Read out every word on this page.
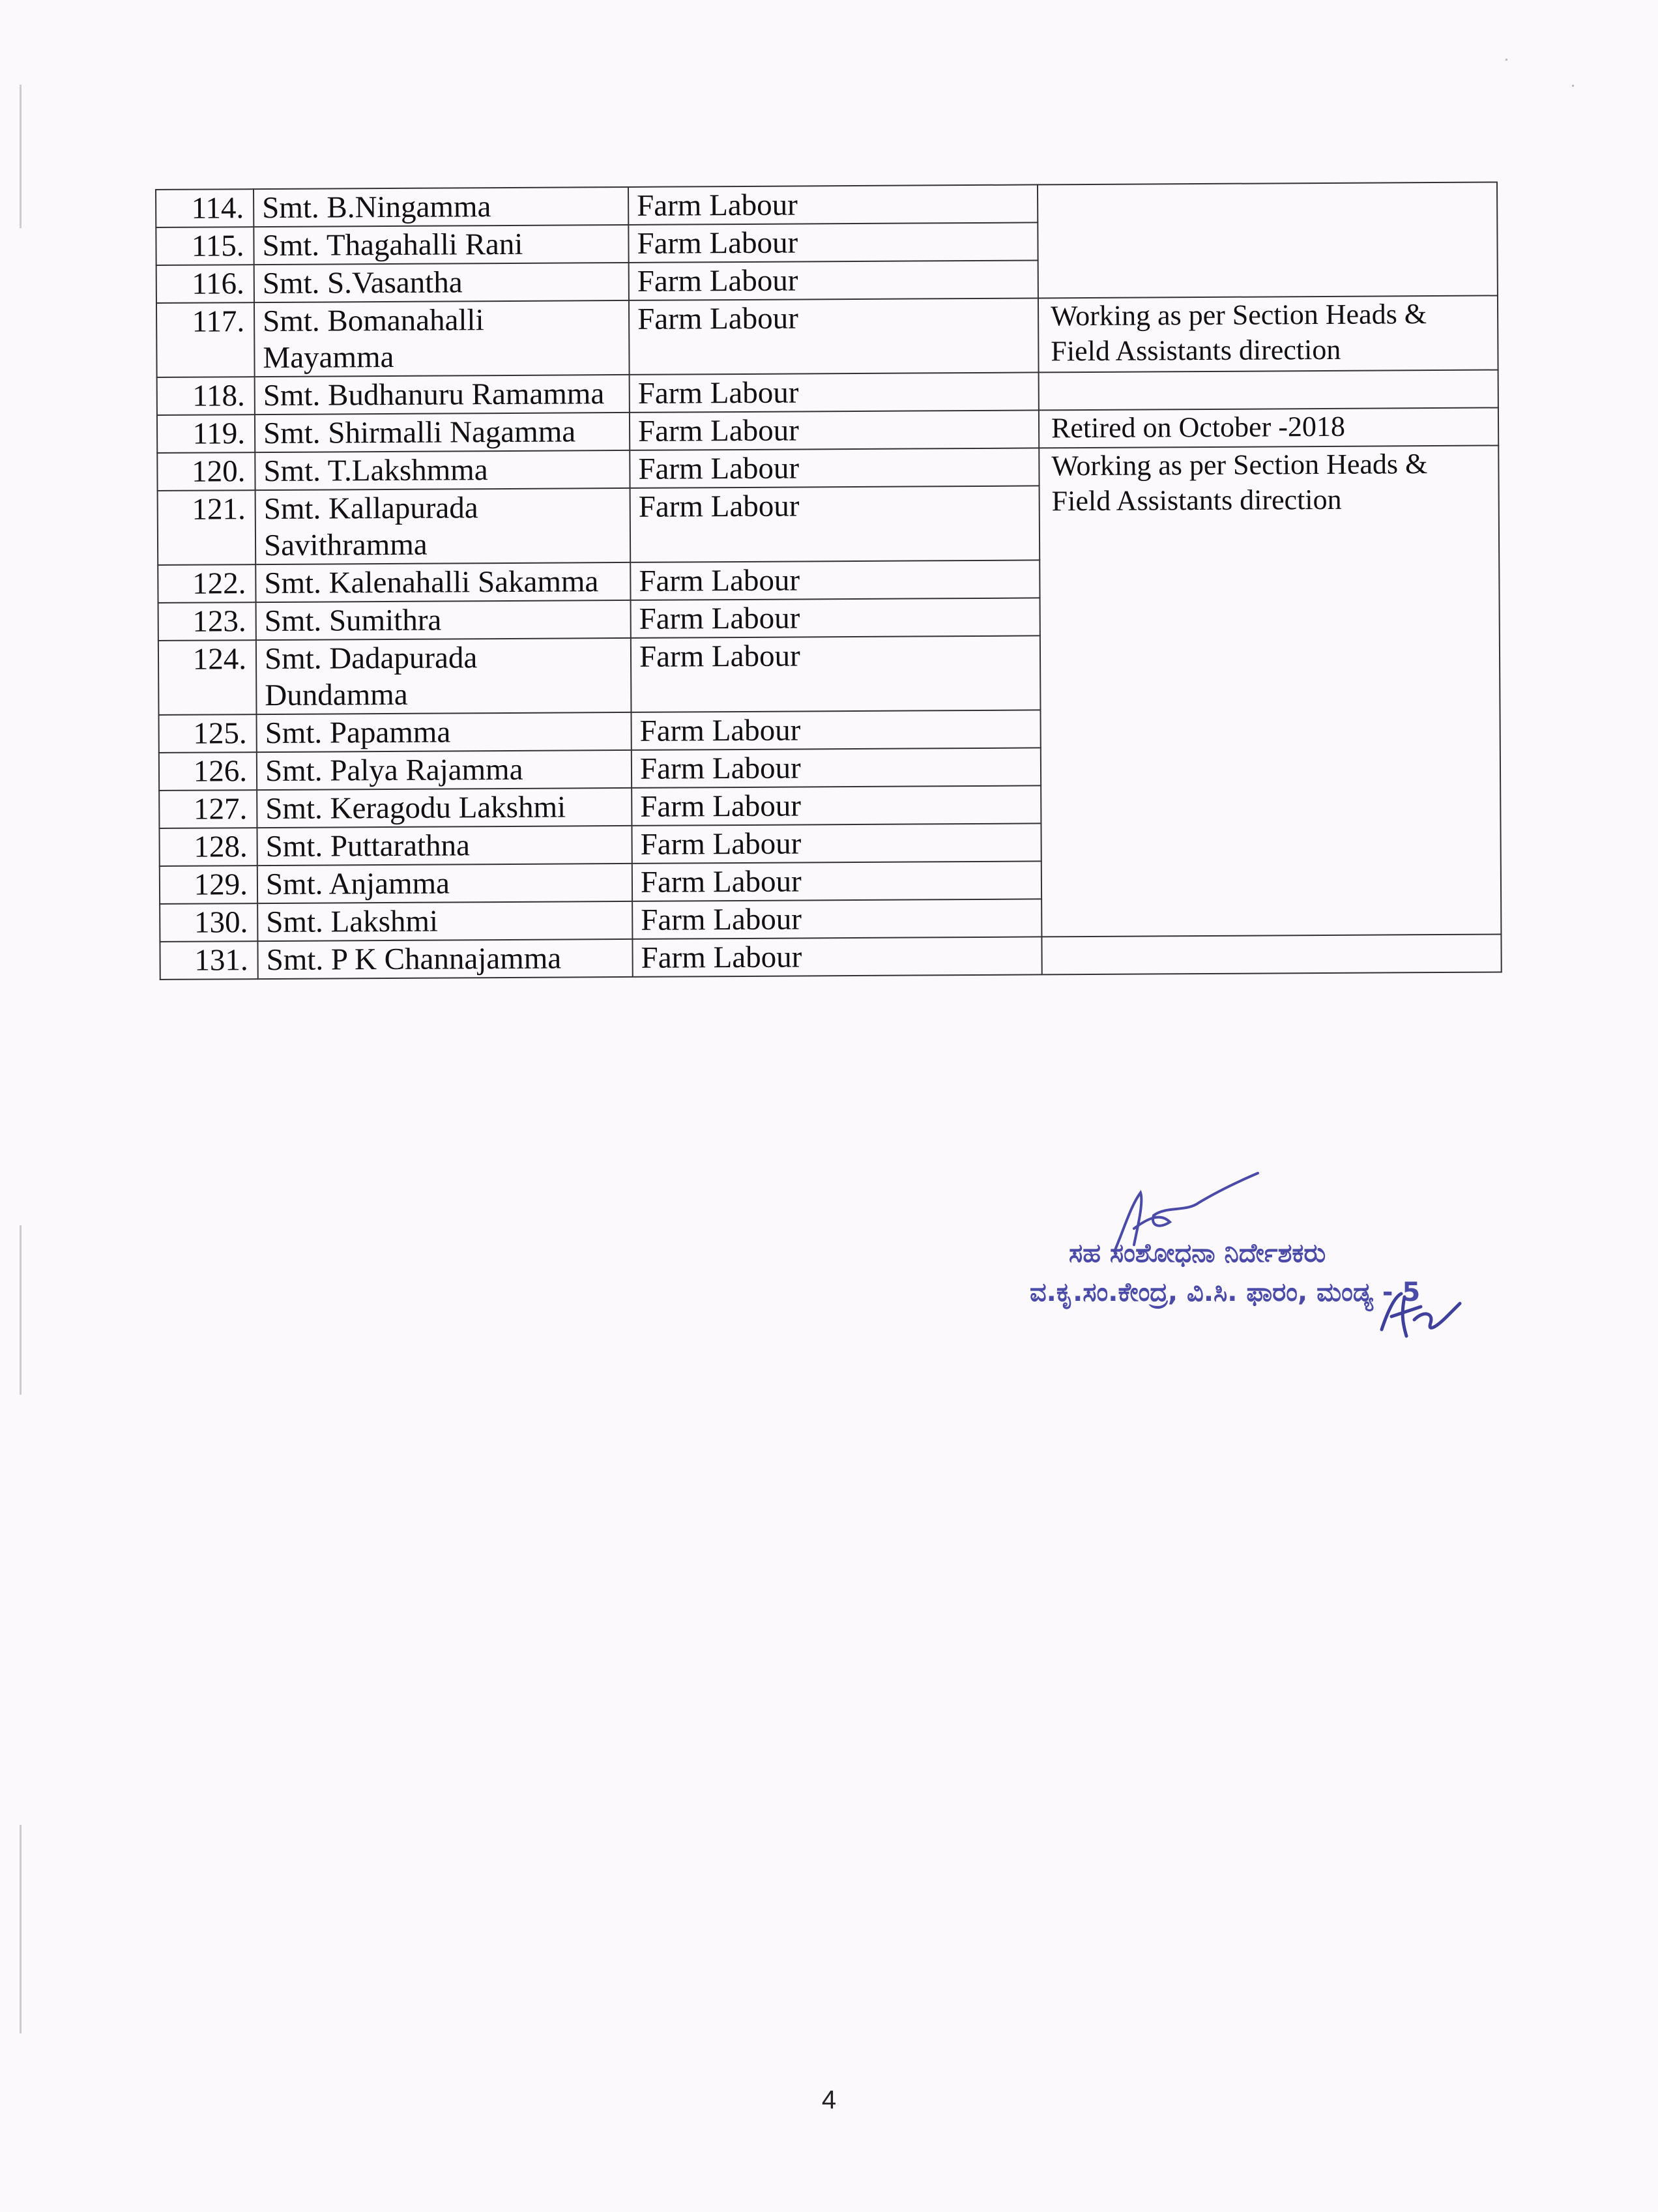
114.	Smt. B.Ningamma	Farm Labour	
115.	Smt. Thagahalli Rani	Farm Labour	
116.	Smt. S.Vasantha	Farm Labour	
117.	Smt. Bomanahalli Mayamma	Farm Labour	Working as per Section Heads & Field Assistants direction
118.	Smt. Budhanuru Ramamma	Farm Labour	
119.	Smt. Shirmalli Nagamma	Farm Labour	Retired on October -2018
120.	Smt. T.Lakshmma	Farm Labour	Working as per Section Heads & Field Assistants direction
121.	Smt. Kallapurada Savithramma	Farm Labour	
122.	Smt. Kalenahalli Sakamma	Farm Labour	
123.	Smt. Sumithra	Farm Labour	
124.	Smt. Dadapurada Dundamma	Farm Labour	
125.	Smt. Papamma	Farm Labour	
126.	Smt. Palya Rajamma	Farm Labour	
127.	Smt. Keragodu Lakshmi	Farm Labour	
128.	Smt. Puttarathna	Farm Labour	
129.	Smt. Anjamma	Farm Labour	
130.	Smt. Lakshmi	Farm Labour	
131.	Smt. P K Channajamma	Farm Labour	
ಸಹ ಸಂಶೋಧನಾ ನಿರ್ದೇಶಕರು
ವ.ಕೃ.ಸಂ.ಕೇಂದ್ರ, ವಿ.ಸಿ. ಫಾರಂ, ಮಂಡ್ಯ - 5
4
